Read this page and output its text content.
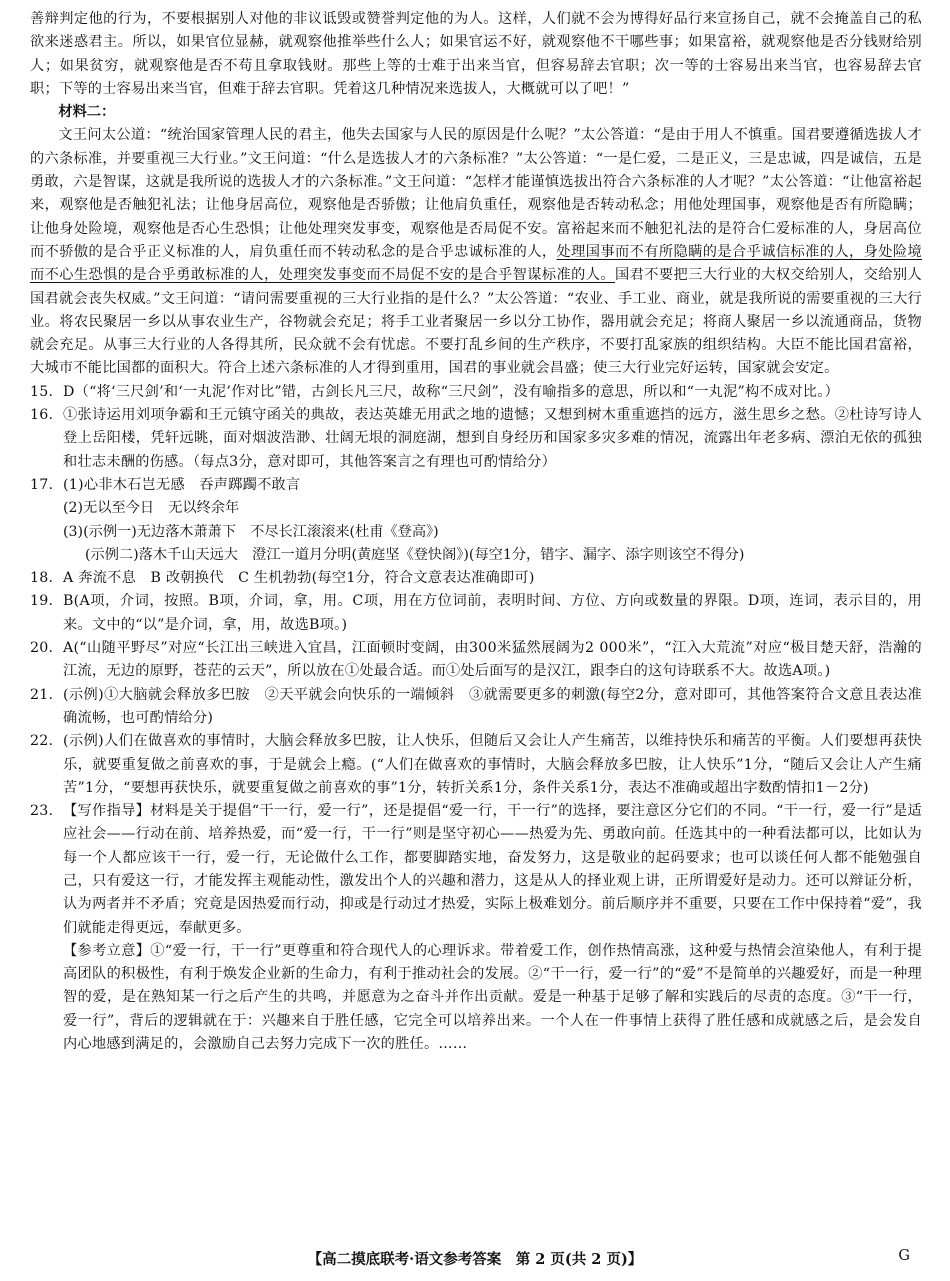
善辩判定他的行为，不要根据别人对他的非议诋毁或赞誉判定他的为人。这样，人们就不会为博得好品行来宣扬自己，就不会掩盖自己的私欲来迷惑君主。所以，如果官位显赫，就观察他推举些什么人；如果官运不好，就观察他不干哪些事；如果富裕，就观察他是否分钱财给别人；如果贫穷，就观察他是否不苟且拿取钱财。那些上等的士难于出来当官，但容易辞去官职；次一等的士容易出来当官，也容易辞去官职；下等的士容易出来当官，但难于辞去官职。凭着这几种情况来选拔人，大概就可以了吧！”

材料二：

文王问太公道：“统治国家管理人民的君主，他失去国家与人民的原因是什么呢？”太公答道：“是由于用人不慎重。国君要遵循选拔人才的六条标准，并要重视三大行业。”文王问道：“什么是选拔人才的六条标准？”太公答道：“一是仁爱，二是正义，三是忠诚，四是诚信，五是勇敢，六是智谋，这就是我所说的选拔人才的六条标准。”文王问道：“怎样才能谨慎选拔出符合六条标准的人才呢？”太公答道：“让他富裕起来，观察他是否触犯礼法；让他身居高位，观察他是否骄傲；让他肩负重任，观察他是否转动私念；用他处理国事，观察他是否有所隐瞒；让他身处险境，观察他是否心生恐惧；让他处理突发事变，观察他是否局促不安。富裕起来而不触犯礼法的是符合仁爱标准的人，身居高位而不骄傲的是合乎正义标准的人，肩负重任而不转动私念的是合乎忠诚标准的人，处理国事而不有所隐瞒的是合乎诚信标准的人，身处险境而不心生恐惧的是合乎勇敢标准的人，处理突发事变而不局促不安的是合乎智谋标准的人。国君不要把三大行业的大权交给别人，交给别人国君就会丧失权威。”文王问道：“请问需要重视的三大行业指的是什么？”太公答道：“农业、手工业、商业，就是我所说的需要重视的三大行业。将农民聚居一乡以从事农业生产，谷物就会充足；将手工业者聚居一乡以分工协作，器用就会充足；将商人聚居一乡以流通商品，货物就会充足。从事三大行业的人各得其所，民众就不会有忧虑。不要打乱乡间的生产秩序，不要打乱家族的组织结构。大臣不能比国君富裕，大城市不能比国都的面积大。符合上述六条标准的人才得到重用，国君的事业就会昌盛；使三大行业完好运转，国家就会安定。

15. D（“将‘三尺剑’和‘一丸泥’作对比”错，古剑长凡三尺，故称“三尺剑”，没有喻指多的意思，所以和“一丸泥”构不成对比。）
16. ①张诗运用刘项争霸和王元镇守函关的典故，表达英雄无用武之地的遗憾；又想到树木重重遮挡的远方，滋生思乡之愁。②杜诗写诗人登上岳阳楼，凭轩远眺，面对烟波浩渺、壮阔无垠的洞庭湖，想到自身经历和国家多灾多难的情况，流露出年老多病、漂泊无依的孤独和壮志未酬的伤感。（每点3分，意对即可，其他答案言之有理也可酌情给分）
17. (1)心非木石岂无感　吞声踯躅不敢言

(2)无以至今日　无以终余年

(3)(示例一)无边落木萧萧下　不尽长江滚滚来(杜甫《登高》)

(示例二)落木千山天远大　澄江一道月分明(黄庭坚《登快阁》)(每空1分，错字、漏字、添字则该空不得分)

18. A 奔流不息　B 改朝换代　C 生机勃勃(每空1分，符合文意表达准确即可)
19. B(A项，介词，按照。B项，介词，拿，用。C项，用在方位词前，表明时间、方位、方向或数量的界限。D项，连词，表示目的，用来。文中的“以”是介词，拿，用，故选B项。)
20. A(“山随平野尽”对应“长江出三峡进入宜昌，江面顿时变阔，由300米猛然展阔为2 000米”，“江入大荒流”对应“极目楚天舒，浩瀚的江流，无边的原野，苍茫的云天”，所以放在①处最合适。而①处后面写的是汉江，跟李白的这句诗联系不大。故选A项。)
21. (示例)①大脑就会释放多巴胺　②天平就会向快乐的一端倾斜　③就需要更多的刺激(每空2分，意对即可，其他答案符合文意且表达准确流畅，也可酌情给分)
22. (示例)人们在做喜欢的事情时，大脑会释放多巴胺，让人快乐，但随后又会让人产生痛苦，以维持快乐和痛苦的平衡。人们要想再获快乐，就要重复做之前喜欢的事，于是就会上瘾。(“人们在做喜欢的事情时，大脑会释放多巴胺，让人快乐”1分，“随后又会让人产生痛苦”1分，“要想再获快乐，就要重复做之前喜欢的事”1分，转折关系1分，条件关系1分，表达不准确或超出字数酌情扣1－2分)
23. 【写作指导】材料是关于提倡“干一行，爱一行”，还是提倡“爱一行，干一行”的选择，要注意区分它们的不同。“干一行，爱一行”是适应社会——行动在前、培养热爱，而“爱一行，干一行”则是坚守初心——热爱为先、勇敢向前。任选其中的一种看法都可以，比如认为每一个人都应该干一行，爱一行，无论做什么工作，都要脚踏实地，奋发努力，这是敬业的起码要求；也可以谈任何人都不能勉强自己，只有爱这一行，才能发挥主观能动性，激发出个人的兴趣和潜力，这是从人的择业观上讲，正所谓爱好是动力。还可以辩证分析，认为两者并不矛盾；究竟是因热爱而行动，抑或是行动过才热爱，实际上极难划分。前后顺序并不重要，只要在工作中保持着“爱”，我们就能走得更远，奉献更多。

【参考立意】①“爱一行，干一行”更尊重和符合现代人的心理诉求。带着爱工作，创作热情高涨，这种爱与热情会渲染他人，有利于提高团队的积极性，有利于焕发企业新的生命力，有利于推动社会的发展。②“干一行，爱一行”的“爱”不是简单的兴趣爱好，而是一种理智的爱，是在熟知某一行之后产生的共鸣，并愿意为之奋斗并作出贡献。爱是一种基于足够了解和实践后的尽责的态度。③“干一行，爱一行”，背后的逻辑就在于：兴趣来自于胜任感，它完全可以培养出来。一个人在一件事情上获得了胜任感和成就感之后，是会发自内心地感到满足的，会激励自己去努力完成下一次的胜任。……

【高二摸底联考·语文参考答案　第 2 页(共 2 页)】	G
